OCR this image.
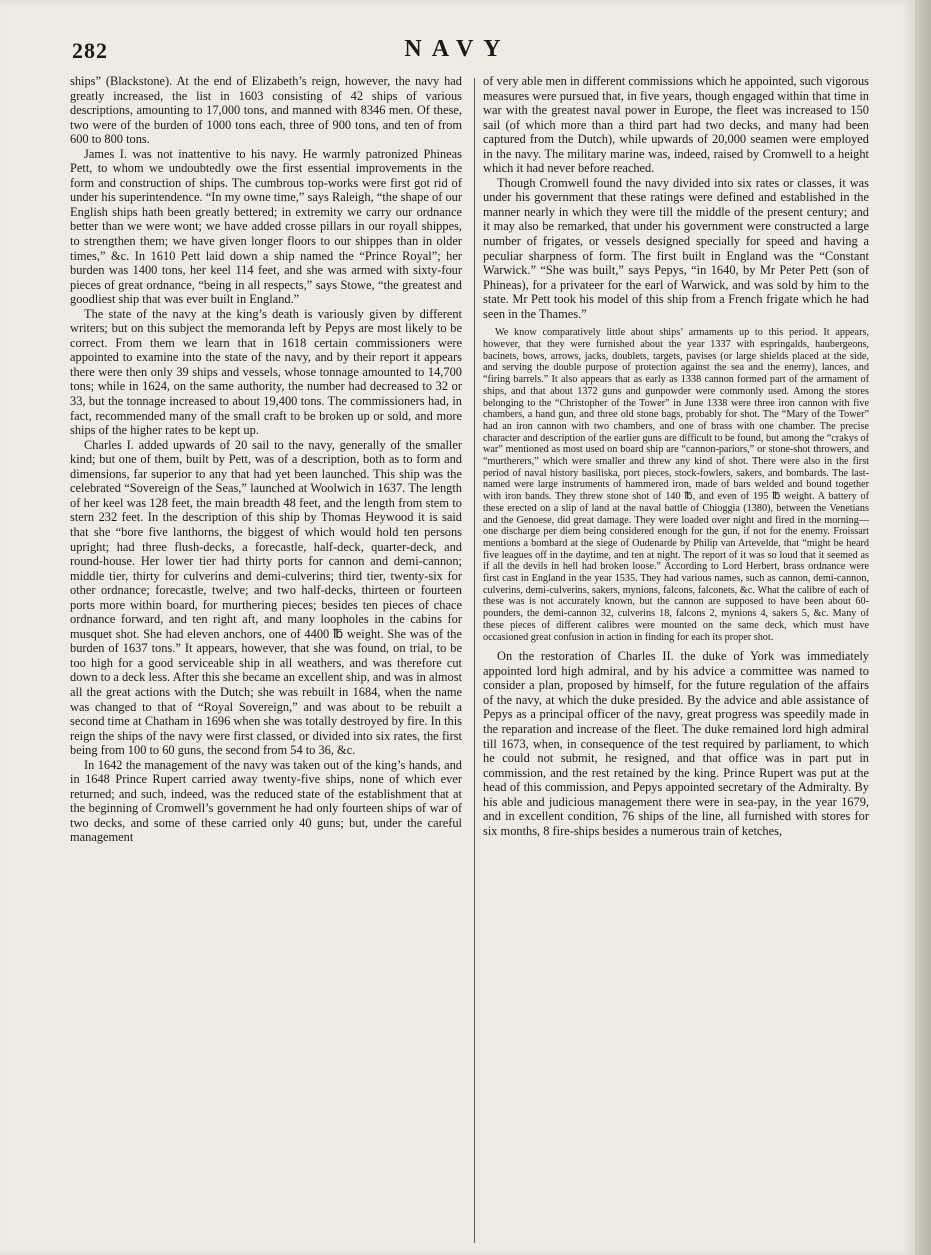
282	NAVY

ships” (Blackstone). At the end of Elizabeth’s reign, however, the navy had greatly increased, the list in 1603 consisting of 42 ships of various descriptions, amounting to 17,000 tons, and manned with 8346 men. Of these, two were of the burden of 1000 tons each, three of 900 tons, and ten of from 600 to 800 tons.

James I. was not inattentive to his navy. He warmly patronized Phineas Pett, to whom we undoubtedly owe the first essential improvements in the form and construction of ships. The cumbrous top-works were first got rid of under his superintendence. “In my owne time,” says Raleigh, “the shape of our English ships hath been greatly bettered; in extremity we carry our ordnance better than we were wont; we have added crosse pillars in our royall shippes, to strengthen them; we have given longer floors to our shippes than in older times,” &c. In 1610 Pett laid down a ship named the “Prince Royal”; her burden was 1400 tons, her keel 114 feet, and she was armed with sixty-four pieces of great ordnance, “being in all respects,” says Stowe, “the greatest and goodliest ship that was ever built in England.”

The state of the navy at the king’s death is variously given by different writers; but on this subject the memoranda left by Pepys are most likely to be correct. From them we learn that in 1618 certain commissioners were appointed to examine into the state of the navy, and by their report it appears there were then only 39 ships and vessels, whose tonnage amounted to 14,700 tons; while in 1624, on the same authority, the number had decreased to 32 or 33, but the tonnage increased to about 19,400 tons. The commissioners had, in fact, recommended many of the small craft to be broken up or sold, and more ships of the higher rates to be kept up.

Charles I. added upwards of 20 sail to the navy, generally of the smaller kind; but one of them, built by Pett, was of a description, both as to form and dimensions, far superior to any that had yet been launched. This ship was the celebrated “Sovereign of the Seas,” launched at Woolwich in 1637. The length of her keel was 128 feet, the main breadth 48 feet, and the length from stem to stern 232 feet. In the description of this ship by Thomas Heywood it is said that she “bore five lanthorns, the biggest of which would hold ten persons upright; had three flush-decks, a forecastle, half-deck, quarter-deck, and round-house. Her lower tier had thirty ports for cannon and demi-cannon; middle tier, thirty for culverins and demi-culverins; third tier, twenty-six for other ordnance; forecastle, twelve; and two half-decks, thirteen or fourteen ports more within board, for murthering pieces; besides ten pieces of chace ordnance forward, and ten right aft, and many loopholes in the cabins for musquet shot. She had eleven anchors, one of 4400 ℔ weight. She was of the burden of 1637 tons.” It appears, however, that she was found, on trial, to be too high for a good serviceable ship in all weathers, and was therefore cut down to a deck less. After this she became an excellent ship, and was in almost all the great actions with the Dutch; she was rebuilt in 1684, when the name was changed to that of “Royal Sovereign,” and was about to be rebuilt a second time at Chatham in 1696 when she was totally destroyed by fire. In this reign the ships of the navy were first classed, or divided into six rates, the first being from 100 to 60 guns, the second from 54 to 36, &c.

In 1642 the management of the navy was taken out of the king’s hands, and in 1648 Prince Rupert carried away twenty-five ships, none of which ever returned; and such, indeed, was the reduced state of the establishment that at the beginning of Cromwell’s government he had only fourteen ships of war of two decks, and some of these carried only 40 guns; but, under the careful management

of very able men in different commissions which he appointed, such vigorous measures were pursued that, in five years, though engaged within that time in war with the greatest naval power in Europe, the fleet was increased to 150 sail (of which more than a third part had two decks, and many had been captured from the Dutch), while upwards of 20,000 seamen were employed in the navy. The military marine was, indeed, raised by Cromwell to a height which it had never before reached.

Though Cromwell found the navy divided into six rates or classes, it was under his government that these ratings were defined and established in the manner nearly in which they were till the middle of the present century; and it may also be remarked, that under his government were constructed a large number of frigates, or vessels designed specially for speed and having a peculiar sharpness of form. The first built in England was the “Constant Warwick.” “She was built,” says Pepys, “in 1640, by Mr Peter Pett (son of Phineas), for a privateer for the earl of Warwick, and was sold by him to the state. Mr Pett took his model of this ship from a French frigate which he had seen in the Thames.”

We know comparatively little about ships’ armaments up to this period. It appears, however, that they were furnished about the year 1337 with espringalds, haubergeons, bacinets, bows, arrows, jacks, doublets, targets, pavises (or large shields placed at the side, and serving the double purpose of protection against the sea and the enemy), lances, and “firing barrels.” It also appears that as early as 1338 cannon formed part of the armament of ships, and that about 1372 guns and gunpowder were commonly used. Among the stores belonging to the “Christopher of the Tower” in June 1338 were three iron cannon with five chambers, a hand gun, and three old stone bags, probably for shot. The “Mary of the Tower” had an iron cannon with two chambers, and one of brass with one chamber. The precise character and description of the earlier guns are difficult to be found, but among the “crakys of war” mentioned as most used on board ship are “cannon-pariors,” or stone-shot throwers, and “murtherers,” which were smaller and threw any kind of shot. There were also in the first period of naval history basiliska, port pieces, stock-fowlers, sakers, and bombards. The last-named were large instruments of hammered iron, made of bars welded and bound together with iron bands. They threw stone shot of 140 ℔, and even of 195 ℔ weight. A battery of these erected on a slip of land at the naval battle of Chioggia (1380), between the Venetians and the Genoese, did great damage. They were loaded over night and fired in the morning—one discharge per diem being considered enough for the gun, if not for the enemy. Froissart mentions a bombard at the siege of Oudenarde by Philip van Artevelde, that “might be heard five leagues off in the daytime, and ten at night. The report of it was so loud that it seemed as if all the devils in hell had broken loose.” According to Lord Herbert, brass ordnance were first cast in England in the year 1535. They had various names, such as cannon, demi-cannon, culverins, demi-culverins, sakers, mynions, falcons, falconets, &c. What the calibre of each of these was is not accurately known, but the cannon are supposed to have been about 60-pounders, the demi-cannon 32, culverins 18, falcons 2, mynions 4, sakers 5, &c. Many of these pieces of different calibres were mounted on the same deck, which must have occasioned great confusion in action in finding for each its proper shot.

On the restoration of Charles II. the duke of York was immediately appointed lord high admiral, and by his advice a committee was named to consider a plan, proposed by himself, for the future regulation of the affairs of the navy, at which the duke presided. By the advice and able assistance of Pepys as a principal officer of the navy, great progress was speedily made in the reparation and increase of the fleet. The duke remained lord high admiral till 1673, when, in consequence of the test required by parliament, to which he could not submit, he resigned, and that office was in part put in commission, and the rest retained by the king. Prince Rupert was put at the head of this commission, and Pepys appointed secretary of the Admiralty. By his able and judicious management there were in sea-pay, in the year 1679, and in excellent condition, 76 ships of the line, all furnished with stores for six months, 8 fire-ships besides a numerous train of ketches,
